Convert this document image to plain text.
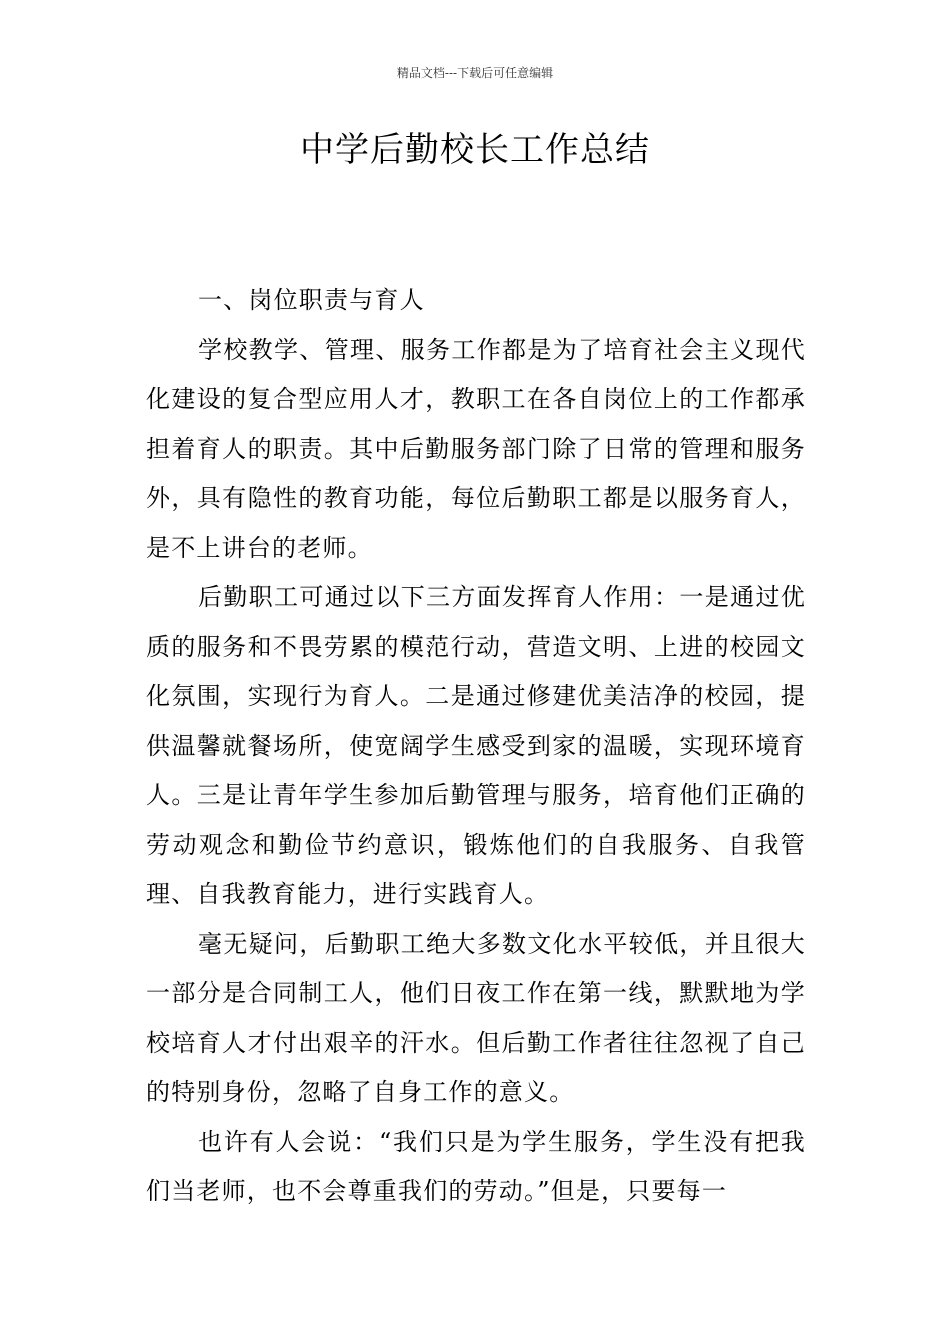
精品文档---下载后可任意编辑
中学后勤校长工作总结

一、岗位职责与育人

学校教学、管理、服务工作都是为了培育社会主义现代化建设的复合型应用人才，教职工在各自岗位上的工作都承担着育人的职责。其中后勤服务部门除了日常的管理和服务外，具有隐性的教育功能，每位后勤职工都是以服务育人，是不上讲台的老师。

后勤职工可通过以下三方面发挥育人作用：一是通过优质的服务和不畏劳累的模范行动，营造文明、上进的校园文化氛围，实现行为育人。二是通过修建优美洁净的校园，提供温馨就餐场所，使宽阔学生感受到家的温暖，实现环境育人。三是让青年学生参加后勤管理与服务，培育他们正确的劳动观念和勤俭节约意识，锻炼他们的自我服务、自我管理、自我教育能力，进行实践育人。

毫无疑问，后勤职工绝大多数文化水平较低，并且很大一部分是合同制工人，他们日夜工作在第一线，默默地为学校培育人才付出艰辛的汗水。但后勤工作者往往忽视了自己的特别身份，忽略了自身工作的意义。

也许有人会说：“我们只是为学生服务，学生没有把我们当老师，也不会尊重我们的劳动。”但是，只要每一
